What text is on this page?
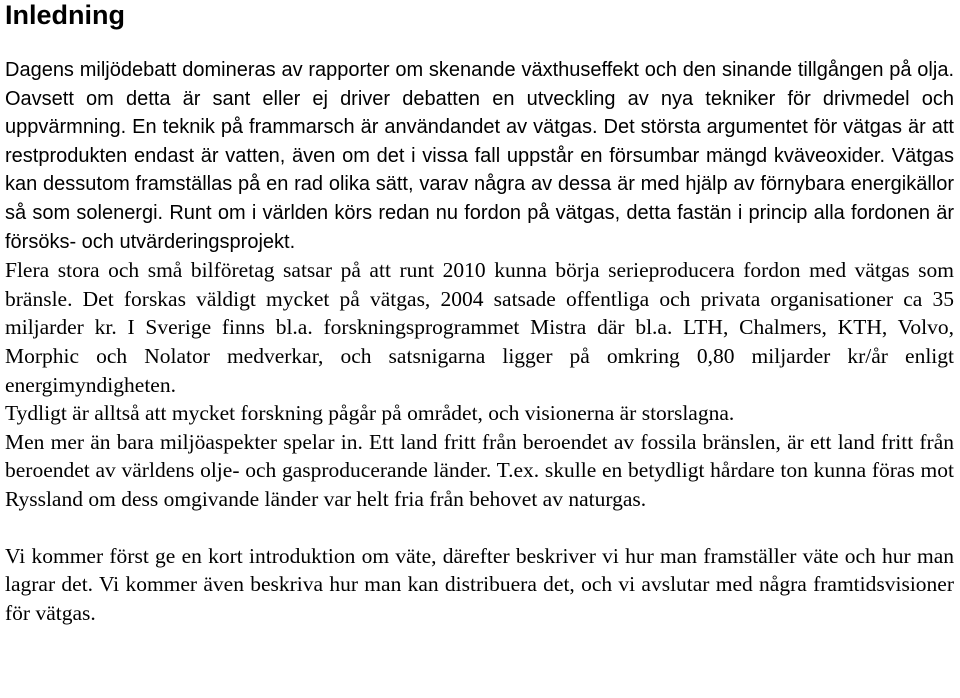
Inledning

Dagens miljödebatt domineras av rapporter om skenande växthuseffekt och den sinande tillgången på olja. Oavsett om detta är sant eller ej driver debatten en utveckling av nya tekniker för drivmedel och uppvärmning. En teknik på frammarsch är användandet av vätgas. Det största argumentet för vätgas är att restprodukten endast är vatten, även om det i vissa fall uppstår en försumbar mängd kväveoxider. Vätgas kan dessutom framställas på en rad olika sätt, varav några av dessa är med hjälp av förnybara energikällor så som solenergi. Runt om i världen körs redan nu fordon på vätgas, detta fastän i princip alla fordonen är försöks- och utvärderingsprojekt.

Flera stora och små bilföretag satsar på att runt 2010 kunna börja serieproducera fordon med vätgas som bränsle. Det forskas väldigt mycket på vätgas, 2004 satsade offentliga och privata organisationer ca 35 miljarder kr. I Sverige finns bl.a. forskningsprogrammet Mistra där bl.a. LTH, Chalmers, KTH, Volvo, Morphic och Nolator medverkar, och satsnigarna ligger på omkring 0,80 miljarder kr/år enligt energimyndigheten.

Tydligt är alltså att mycket forskning pågår på området, och visionerna är storslagna.

Men mer än bara miljöaspekter spelar in. Ett land fritt från beroendet av fossila bränslen, är ett land fritt från beroendet av världens olje- och gasproducerande länder. T.ex. skulle en betydligt hårdare ton kunna föras mot Ryssland om dess omgivande länder var helt fria från behovet av naturgas.

Vi kommer först ge en kort introduktion om väte, därefter beskriver vi hur man framställer väte och hur man lagrar det. Vi kommer även beskriva hur man kan distribuera det, och vi avslutar med några framtidsvisioner för vätgas.
